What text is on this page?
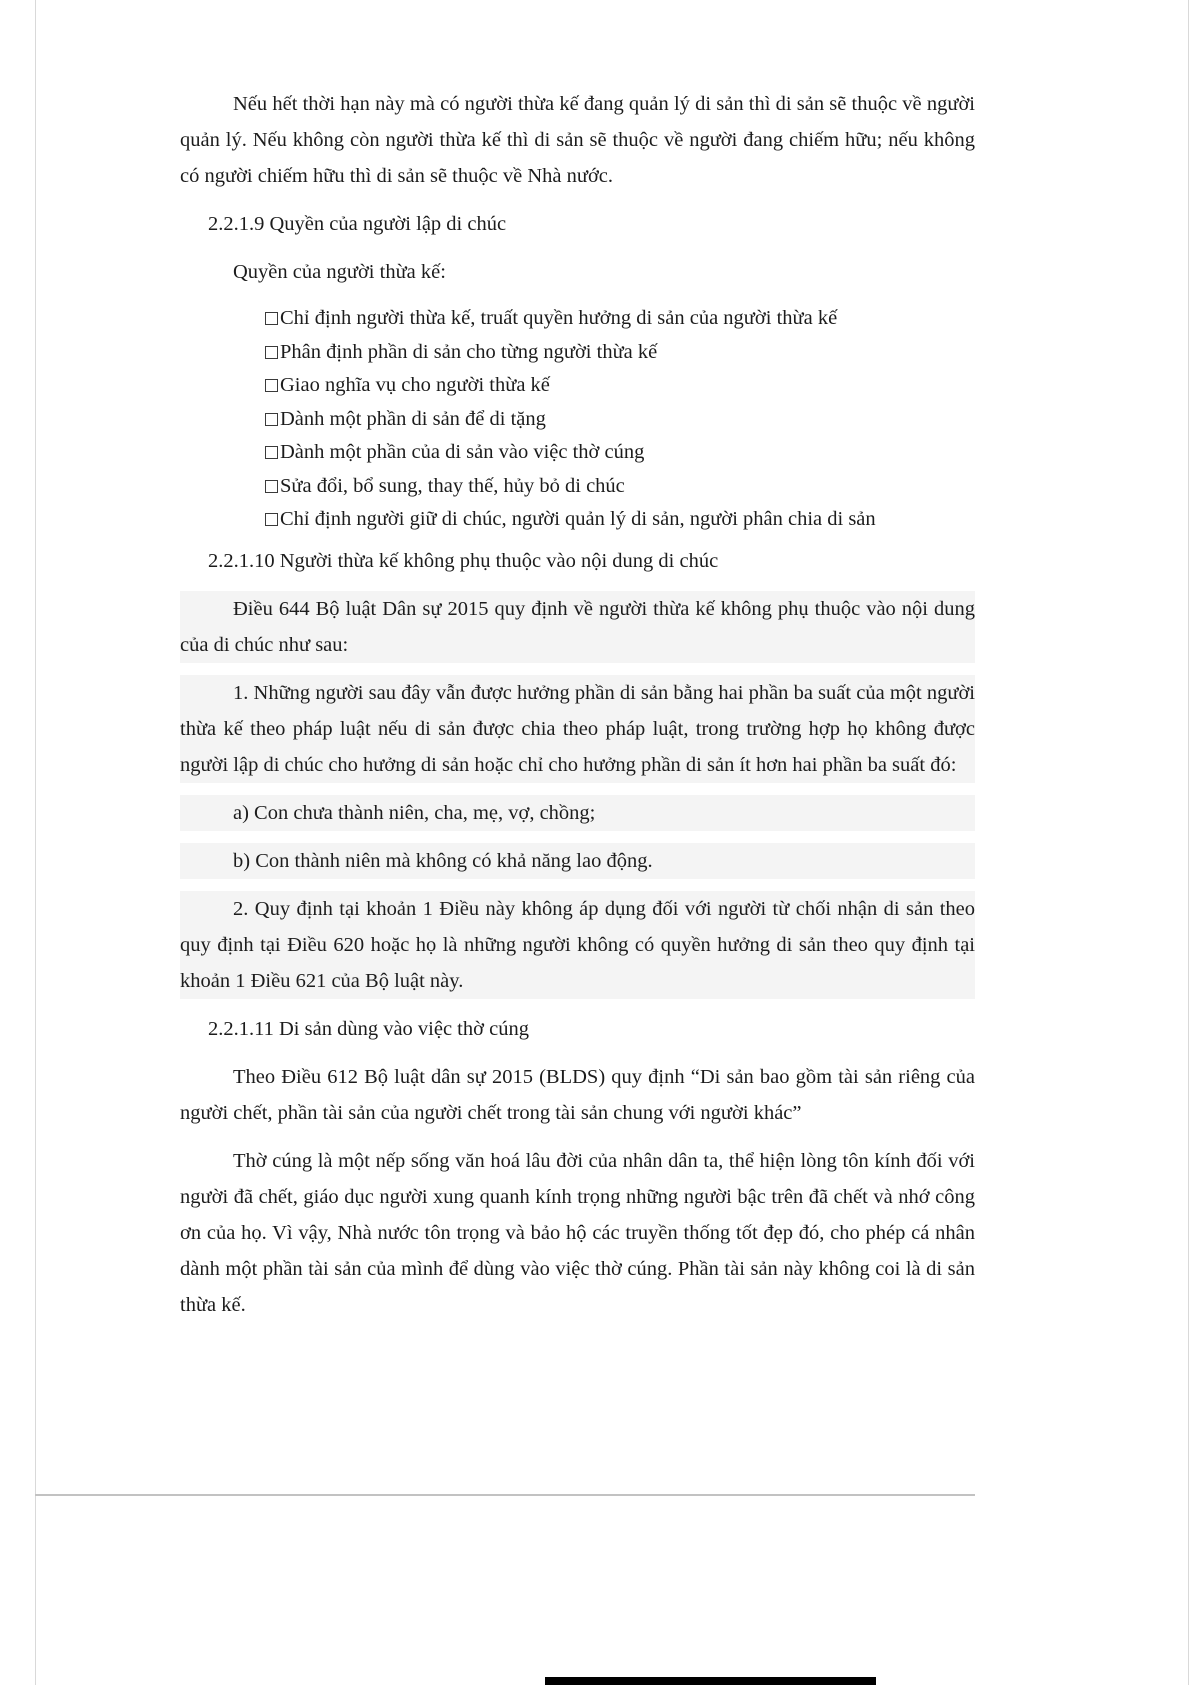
Nếu hết thời hạn này mà có người thừa kế đang quản lý di sản thì di sản sẽ thuộc về người quản lý. Nếu không còn người thừa kế thì di sản sẽ thuộc về người đang chiếm hữu; nếu không có người chiếm hữu thì di sản sẽ thuộc về Nhà nước.

2.2.1.9 Quyền của người lập di chúc

Quyền của người thừa kế:

Chỉ định người thừa kế, truất quyền hưởng di sản của người thừa kế
Phân định phần di sản cho từng người thừa kế
Giao nghĩa vụ cho người thừa kế
Dành một phần di sản để di tặng
Dành một phần của di sản vào việc thờ cúng
Sửa đổi, bổ sung, thay thế, hủy bỏ di chúc
Chỉ định người giữ di chúc, người quản lý di sản, người phân chia di sản

2.2.1.10 Người thừa kế không phụ thuộc vào nội dung di chúc

Điều 644 Bộ luật Dân sự 2015 quy định về người thừa kế không phụ thuộc vào nội dung của di chúc như sau:

1. Những người sau đây vẫn được hưởng phần di sản bằng hai phần ba suất của một người thừa kế theo pháp luật nếu di sản được chia theo pháp luật, trong trường hợp họ không được người lập di chúc cho hưởng di sản hoặc chỉ cho hưởng phần di sản ít hơn hai phần ba suất đó:

a) Con chưa thành niên, cha, mẹ, vợ, chồng;

b) Con thành niên mà không có khả năng lao động.

2. Quy định tại khoản 1 Điều này không áp dụng đối với người từ chối nhận di sản theo quy định tại Điều 620 hoặc họ là những người không có quyền hưởng di sản theo quy định tại khoản 1 Điều 621 của Bộ luật này.

2.2.1.11 Di sản dùng vào việc thờ cúng

Theo Điều 612 Bộ luật dân sự 2015 (BLDS) quy định “Di sản bao gồm tài sản riêng của người chết, phần tài sản của người chết trong tài sản chung với người khác”

Thờ cúng là một nếp sống văn hoá lâu đời của nhân dân ta, thể hiện lòng tôn kính đối với người đã chết, giáo dục người xung quanh kính trọng những người bậc trên đã chết và nhớ công ơn của họ. Vì vậy, Nhà nước tôn trọng và bảo hộ các truyền thống tốt đẹp đó, cho phép cá nhân dành một phần tài sản của mình để dùng vào việc thờ cúng. Phần tài sản này không coi là di sản thừa kế.
